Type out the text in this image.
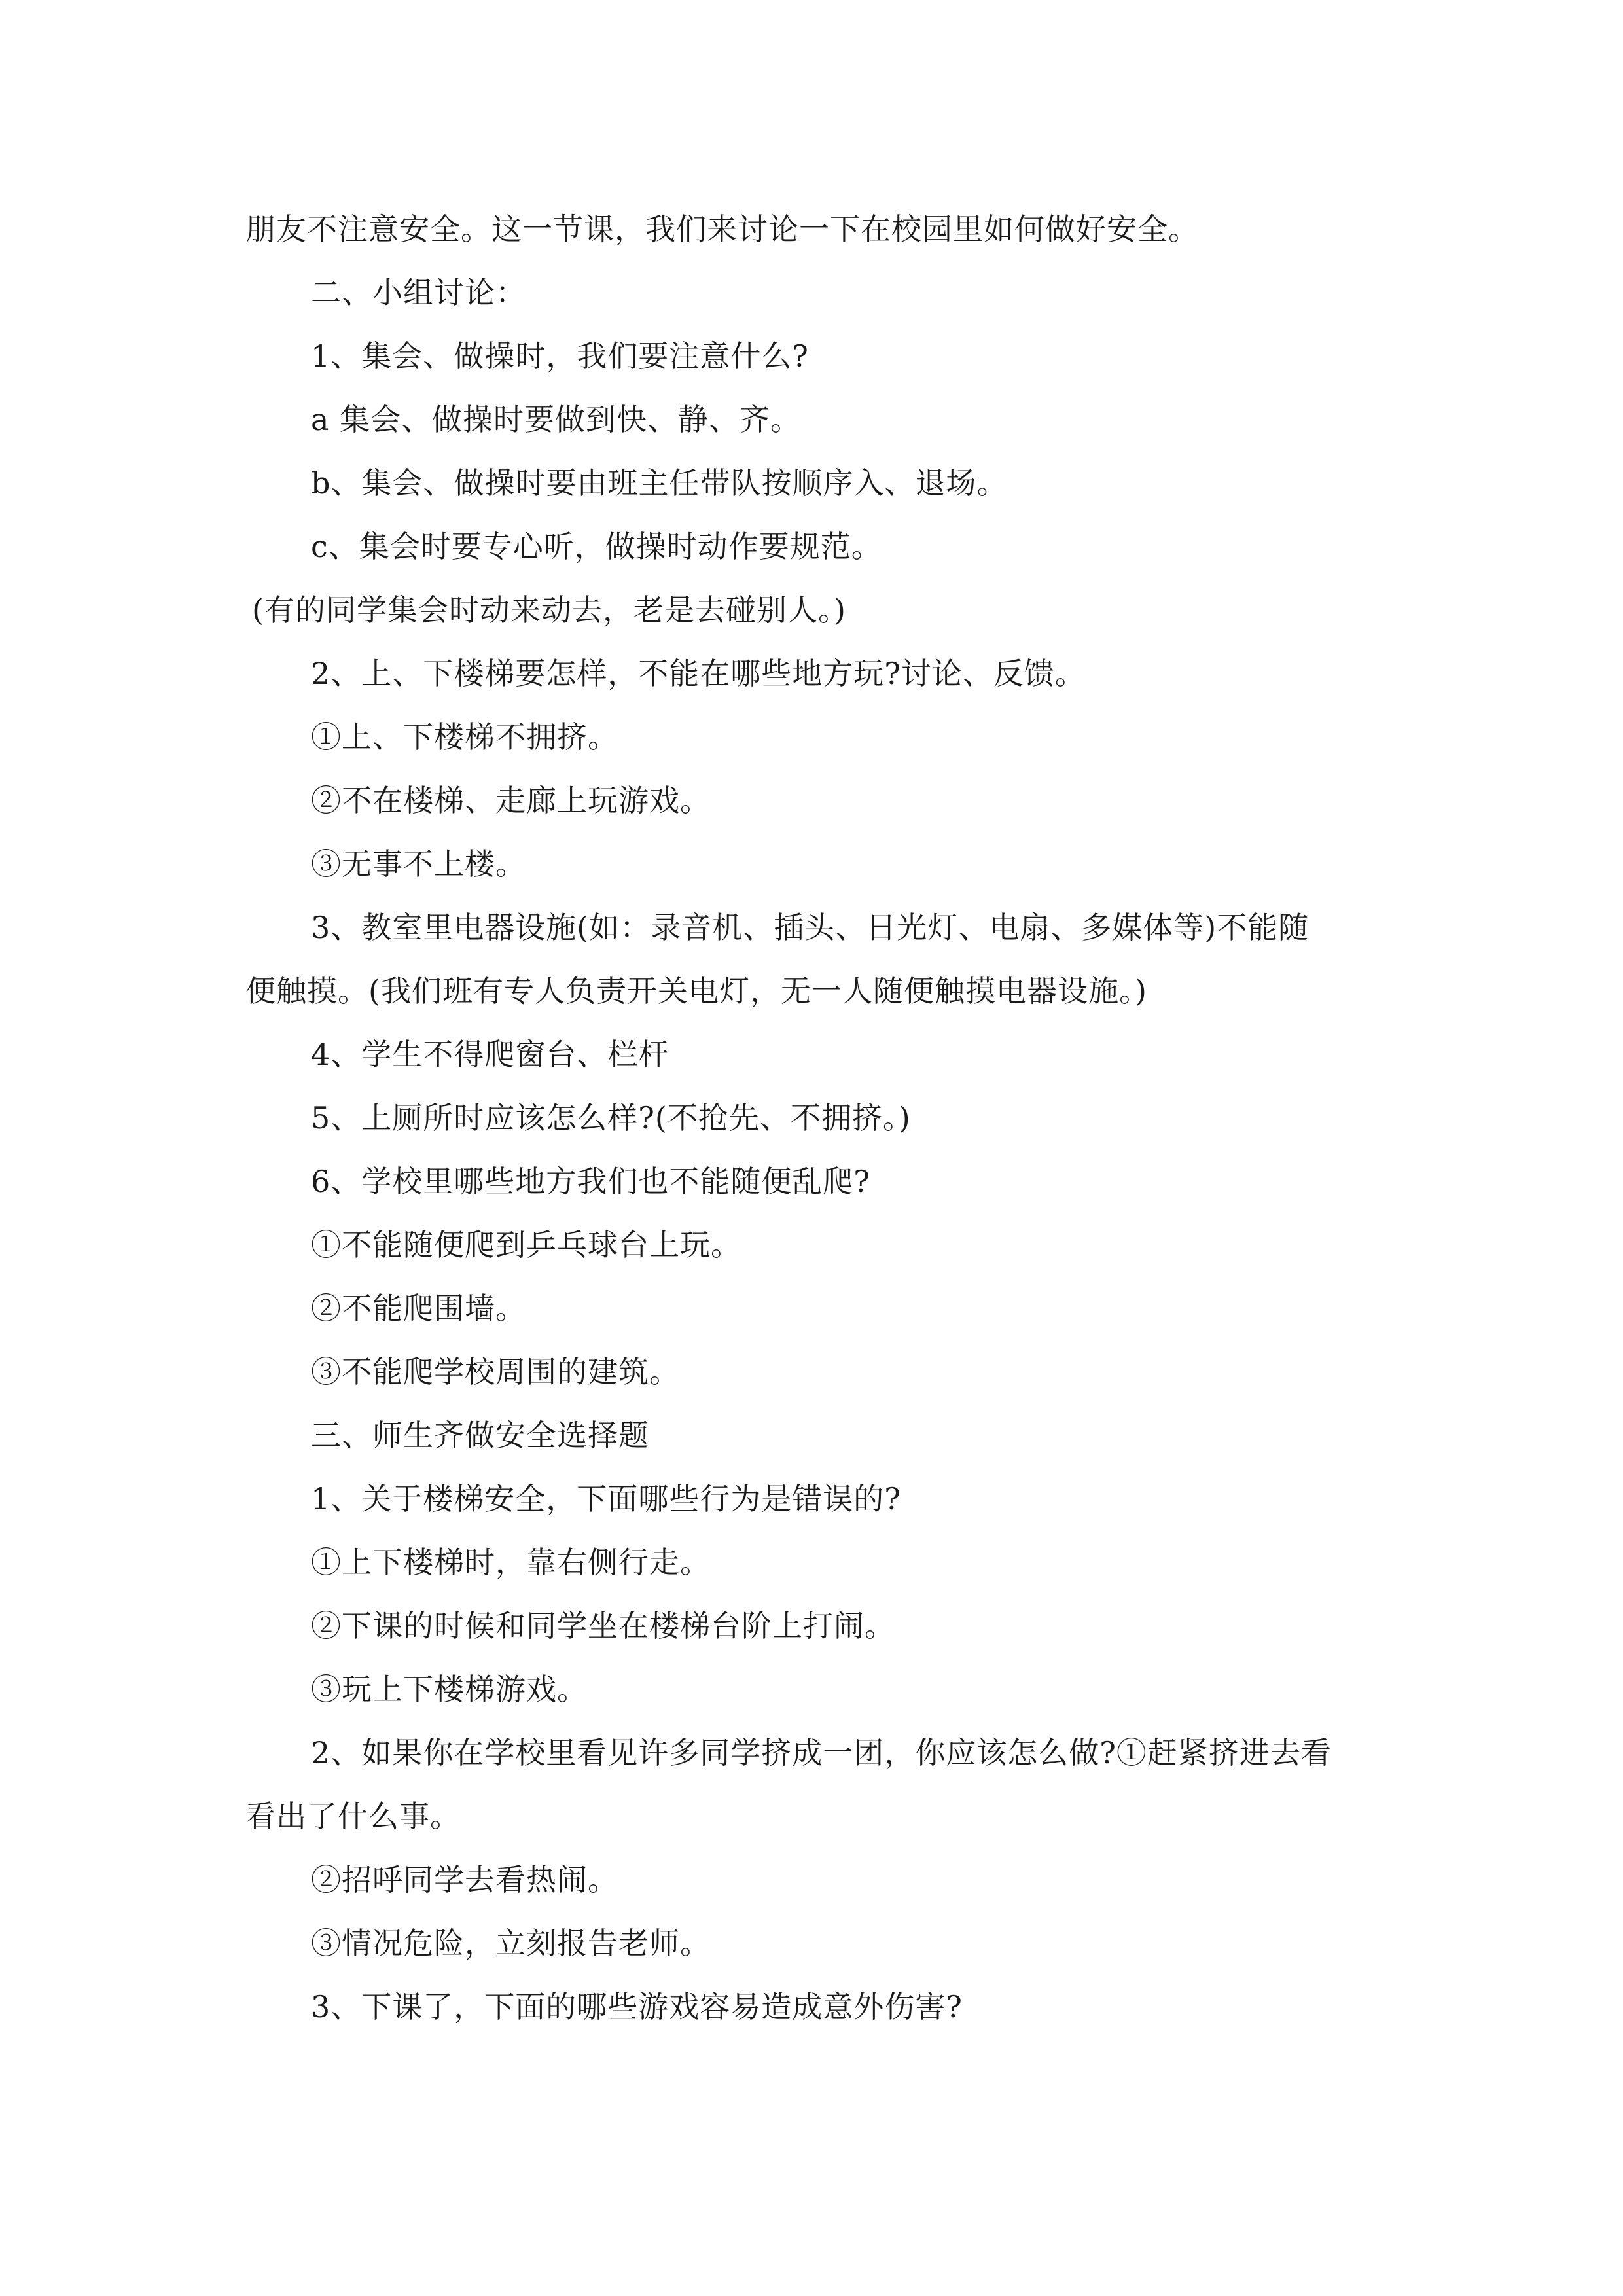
朋友不注意安全。这一节课，我们来讨论一下在校园里如何做好安全。
二、小组讨论：
1、集会、做操时，我们要注意什么?
a 集会、做操时要做到快、静、齐。
b、集会、做操时要由班主任带队按顺序入、退场。
c、集会时要专心听，做操时动作要规范。
(有的同学集会时动来动去，老是去碰别人。)
2、上、下楼梯要怎样，不能在哪些地方玩?讨论、反馈。
①上、下楼梯不拥挤。
②不在楼梯、走廊上玩游戏。
③无事不上楼。
3、教室里电器设施(如：录音机、插头、日光灯、电扇、多媒体等)不能随
便触摸。(我们班有专人负责开关电灯，无一人随便触摸电器设施。)
4、学生不得爬窗台、栏杆
5、上厕所时应该怎么样?(不抢先、不拥挤。)
6、学校里哪些地方我们也不能随便乱爬?
①不能随便爬到乒乓球台上玩。
②不能爬围墙。
③不能爬学校周围的建筑。
三、师生齐做安全选择题
1、关于楼梯安全，下面哪些行为是错误的?
①上下楼梯时，靠右侧行走。
②下课的时候和同学坐在楼梯台阶上打闹。
③玩上下楼梯游戏。
2、如果你在学校里看见许多同学挤成一团，你应该怎么做?①赶紧挤进去看
看出了什么事。
②招呼同学去看热闹。
③情况危险，立刻报告老师。
3、下课了，下面的哪些游戏容易造成意外伤害?
